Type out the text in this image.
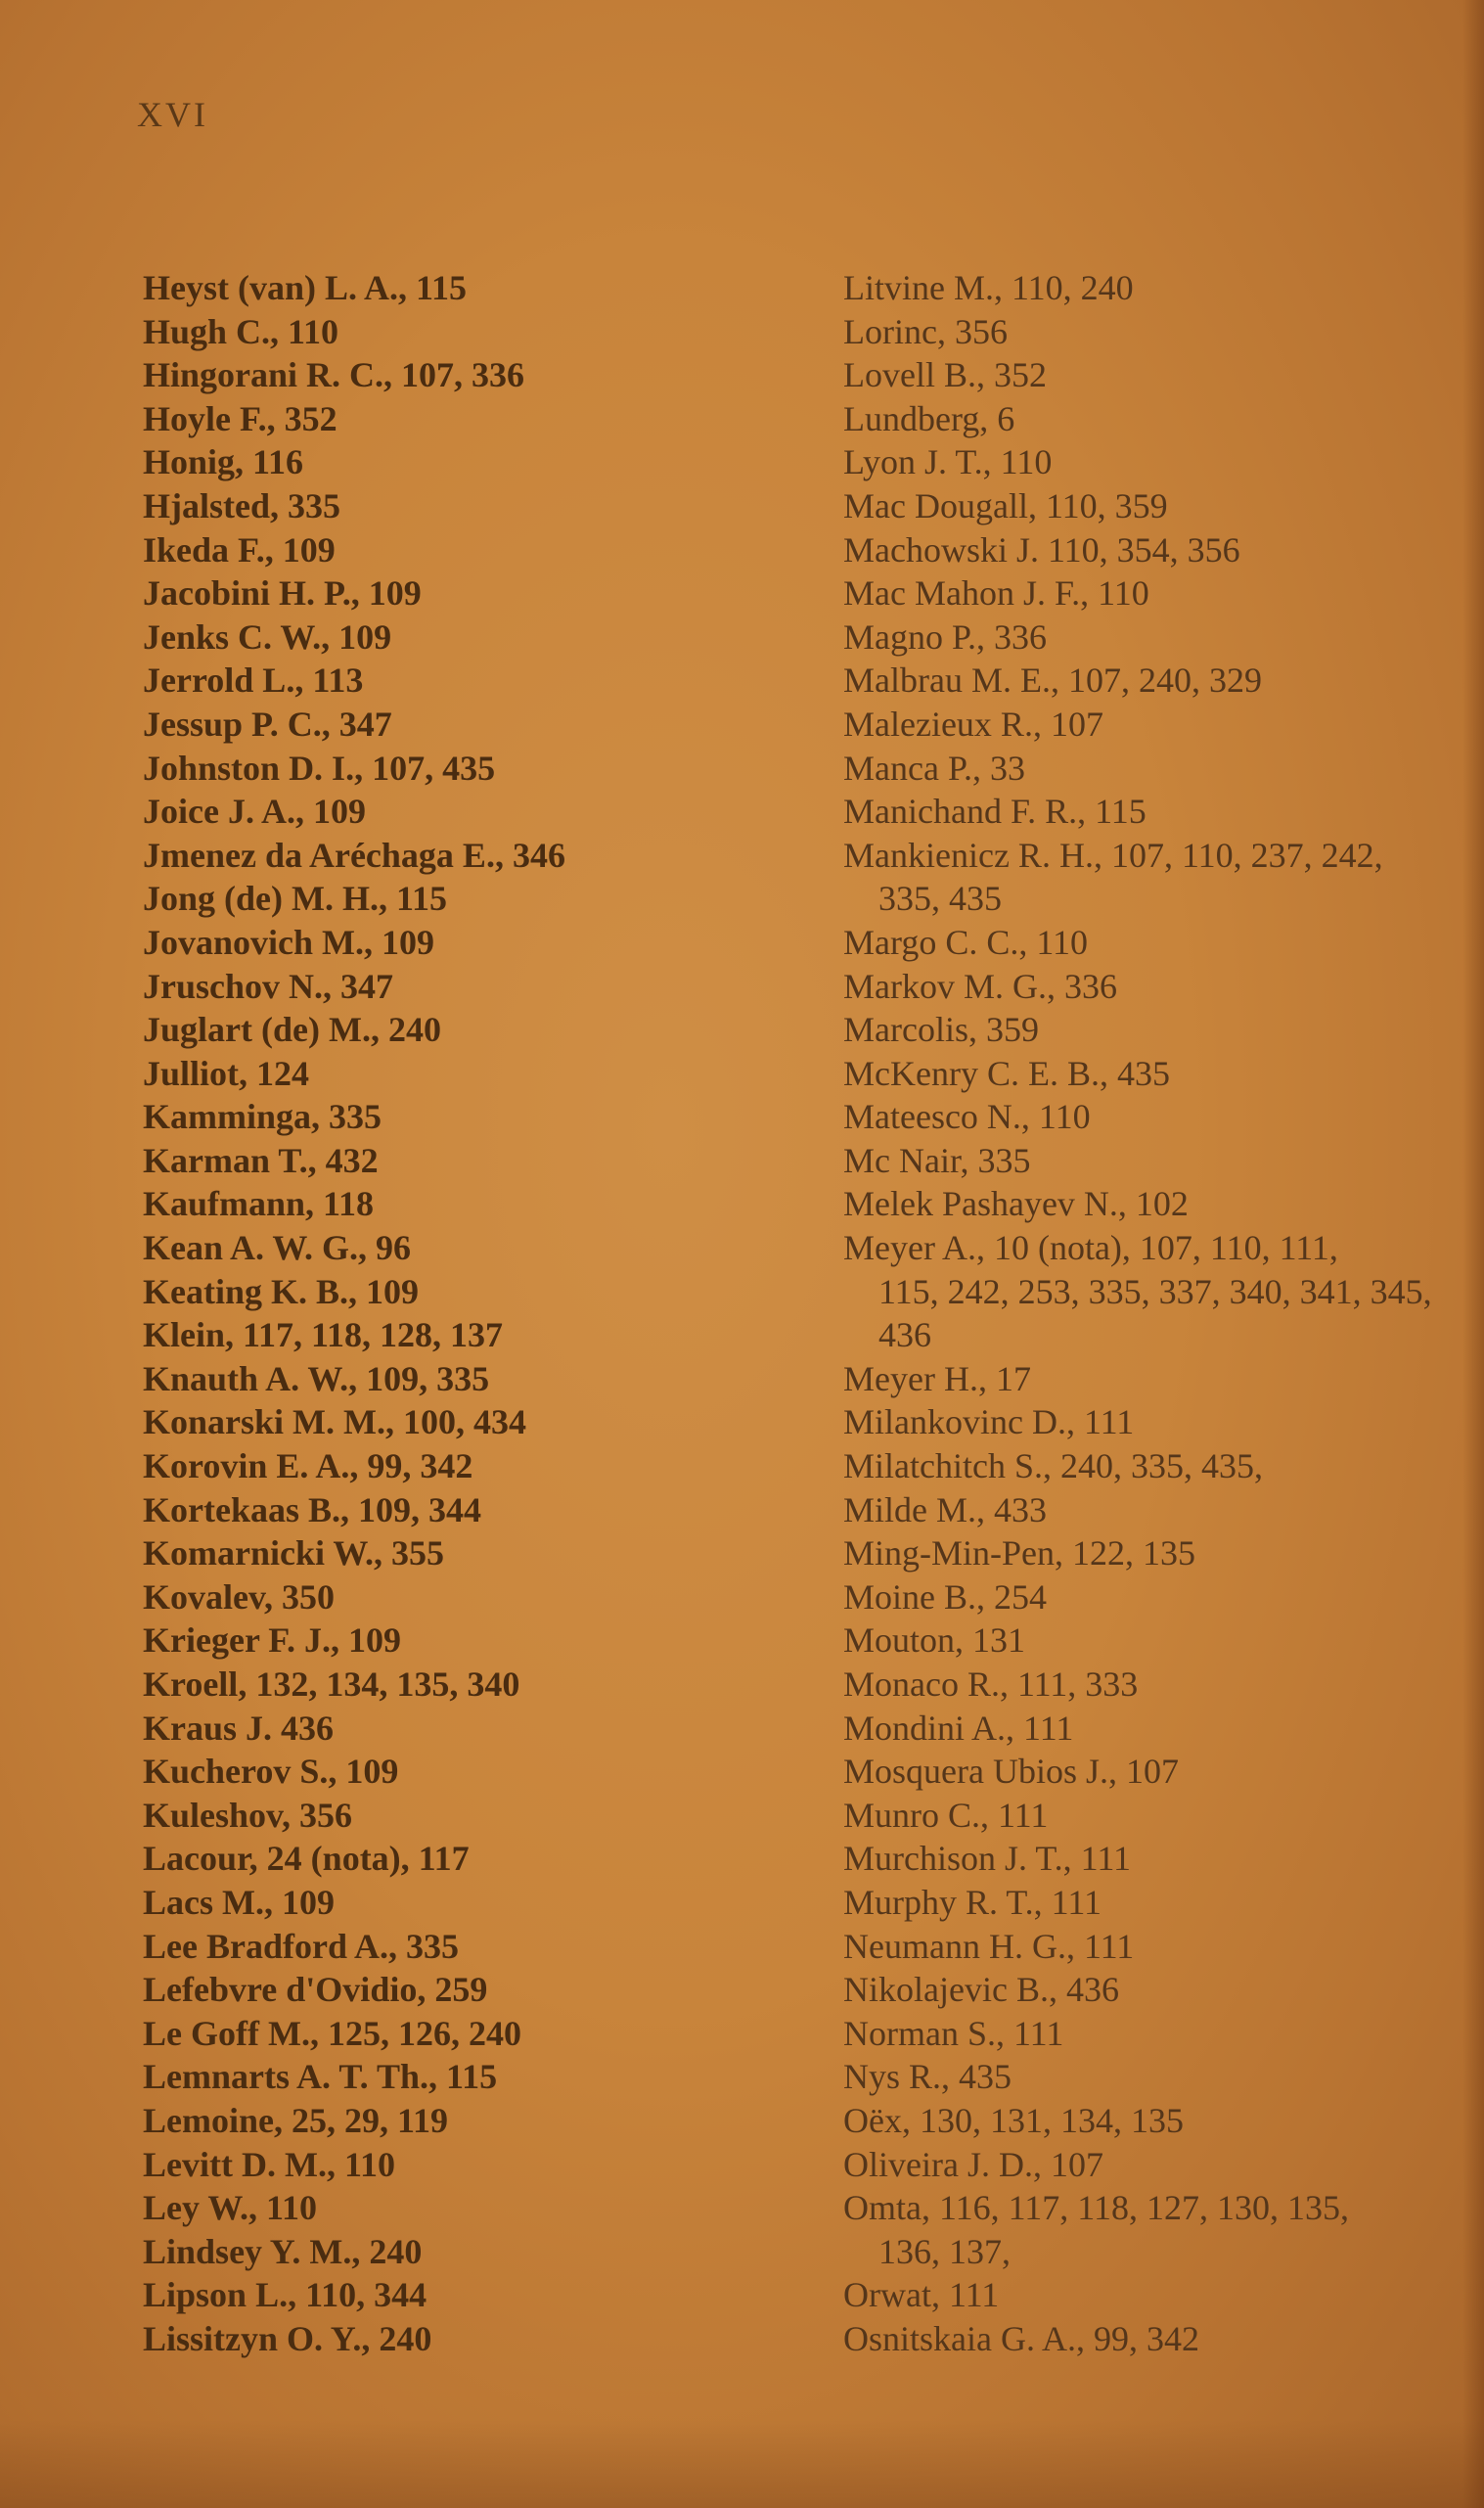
XVI
Heyst (van) L. A., 115
Hugh C., 110
Hingorani R. C., 107, 336
Hoyle F., 352
Honig, 116
Hjalsted, 335
Ikeda F., 109
Jacobini H. P., 109
Jenks C. W., 109
Jerrold L., 113
Jessup P. C., 347
Johnston D. I., 107, 435
Joice J. A., 109
Jmenez da Aréchaga E., 346
Jong (de) M. H., 115
Jovanovich M., 109
Jruschov N., 347
Juglart (de) M., 240
Julliot, 124
Kamminga, 335
Karman T., 432
Kaufmann, 118
Kean A. W. G., 96
Keating K. B., 109
Klein, 117, 118, 128, 137
Knauth A. W., 109, 335
Konarski M. M., 100, 434
Korovin E. A., 99, 342
Kortekaas B., 109, 344
Komarnicki W., 355
Kovalev, 350
Krieger F. J., 109
Kroell, 132, 134, 135, 340
Kraus J. 436
Kucherov S., 109
Kuleshov, 356
Lacour, 24 (nota), 117
Lacs M., 109
Lee Bradford A., 335
Lefebvre d'Ovidio, 259
Le Goff M., 125, 126, 240
Lemnarts A. T. Th., 115
Lemoine, 25, 29, 119
Levitt D. M., 110
Ley W., 110
Lindsey Y. M., 240
Lipson L., 110, 344
Lissitzyn O. Y., 240
Litvine M., 110, 240
Lorinc, 356
Lovell B., 352
Lundberg, 6
Lyon J. T., 110
Mac Dougall, 110, 359
Machowski J. 110, 354, 356
Mac Mahon J. F., 110
Magno P., 336
Malbrau M. E., 107, 240, 329
Malezieux R., 107
Manca P., 33
Manichand F. R., 115
Mankienicz R. H., 107, 110, 237, 242,
335, 435
Margo C. C., 110
Markov M. G., 336
Marcolis, 359
McKenry C. E. B., 435
Mateesco N., 110
Mc Nair, 335
Melek Pashayev N., 102
Meyer A., 10 (nota), 107, 110, 111,
115, 242, 253, 335, 337, 340, 341, 345,
436
Meyer H., 17
Milankovinc D., 111
Milatchitch S., 240, 335, 435,
Milde M., 433
Ming-Min-Pen, 122, 135
Moine B., 254
Mouton, 131
Monaco R., 111, 333
Mondini A., 111
Mosquera Ubios J., 107
Munro C., 111
Murchison J. T., 111
Murphy R. T., 111
Neumann H. G., 111
Nikolajevic B., 436
Norman S., 111
Nys R., 435
Oëx, 130, 131, 134, 135
Oliveira J. D., 107
Omta, 116, 117, 118, 127, 130, 135,
136, 137,
Orwat, 111
Osnitskaia G. A., 99, 342
